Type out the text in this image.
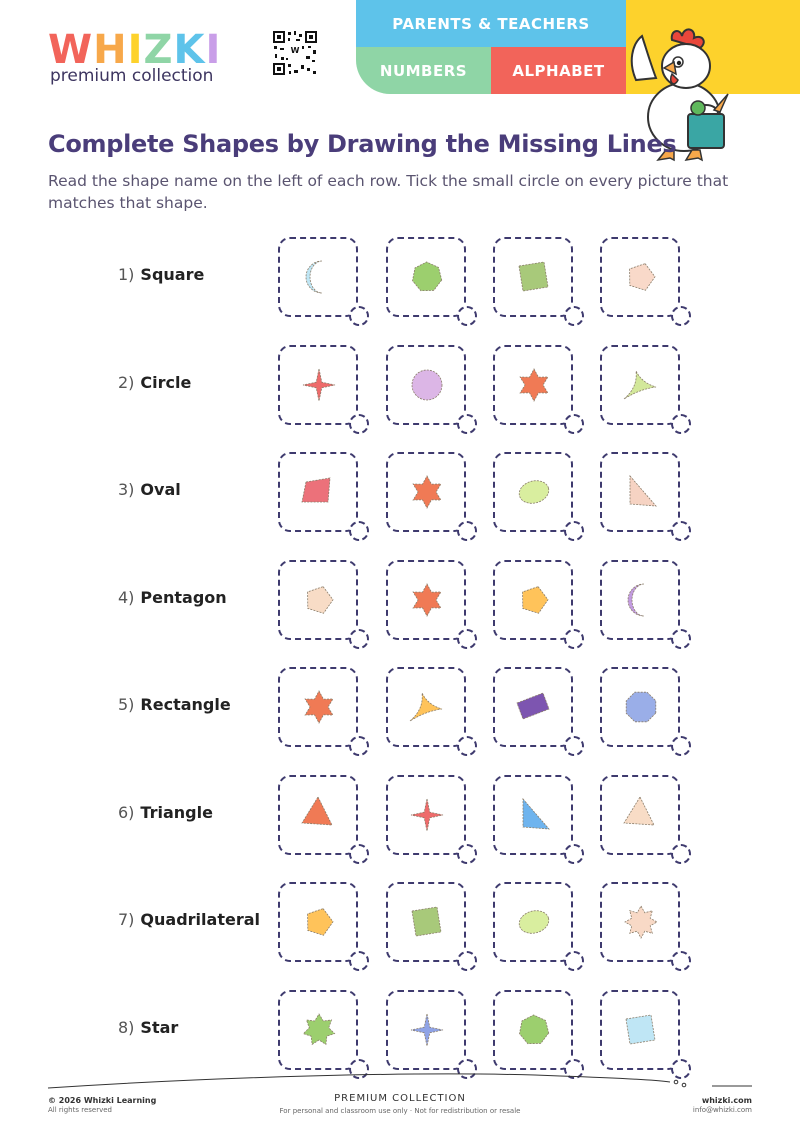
WHIZKI
premium collection
W
PARENTS & TEACHERS
NUMBERS	ALPHABET
Complete Shapes by Drawing the Missing Lines
Read the shape name on the left of each row. Tick the small circle on every picture that matches that shape.
1) Square
2) Circle
3) Oval
4) Pentagon
5) Rectangle
6) Triangle
7) Quadrilateral
8) Star
© 2026 Whizki Learning
All rights reserved
PREMIUM COLLECTION
For personal and classroom use only · Not for redistribution or resale
whizki.com
info@whizki.com
